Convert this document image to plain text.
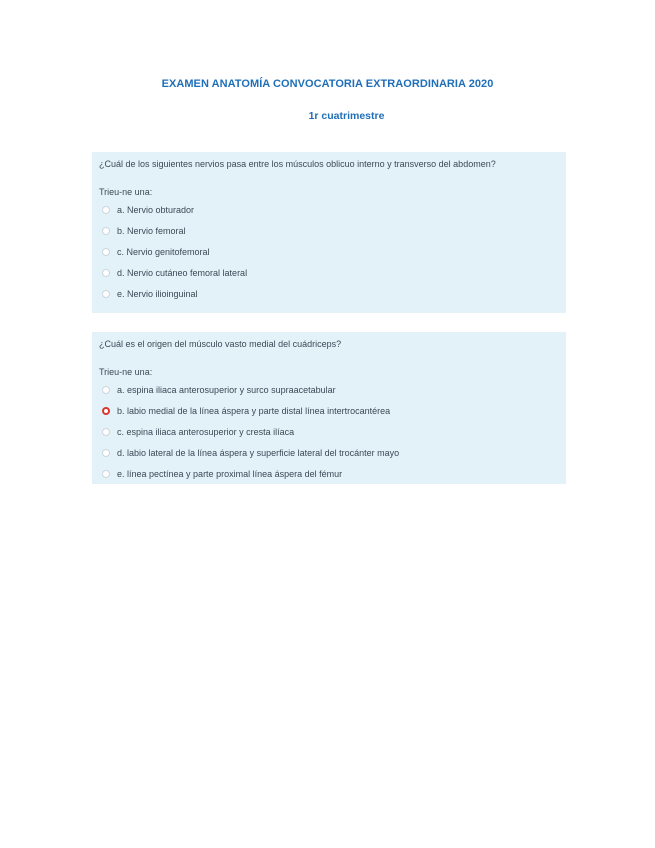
EXAMEN ANATOMÍA CONVOCATORIA EXTRAORDINARIA 2020
1r cuatrimestre
¿Cuál de los siguientes nervios pasa entre los músculos oblicuo interno y transverso del abdomen?
Trieu-ne una:
a. Nervio obturador
b. Nervio femoral
c. Nervio genitofemoral
d. Nervio cutáneo femoral lateral
e. Nervio ilioinguinal
¿Cuál es el origen del músculo vasto medial del cuádriceps?
Trieu-ne una:
a. espina iliaca anterosuperior y surco supraacetabular
b. labio medial de la línea áspera y parte distal línea intertrocantérea
c. espina iliaca anterosuperior y cresta ilíaca
d. labio lateral de la línea áspera y superficie lateral del trocánter mayo
e. línea pectínea y parte proximal línea áspera del fémur
